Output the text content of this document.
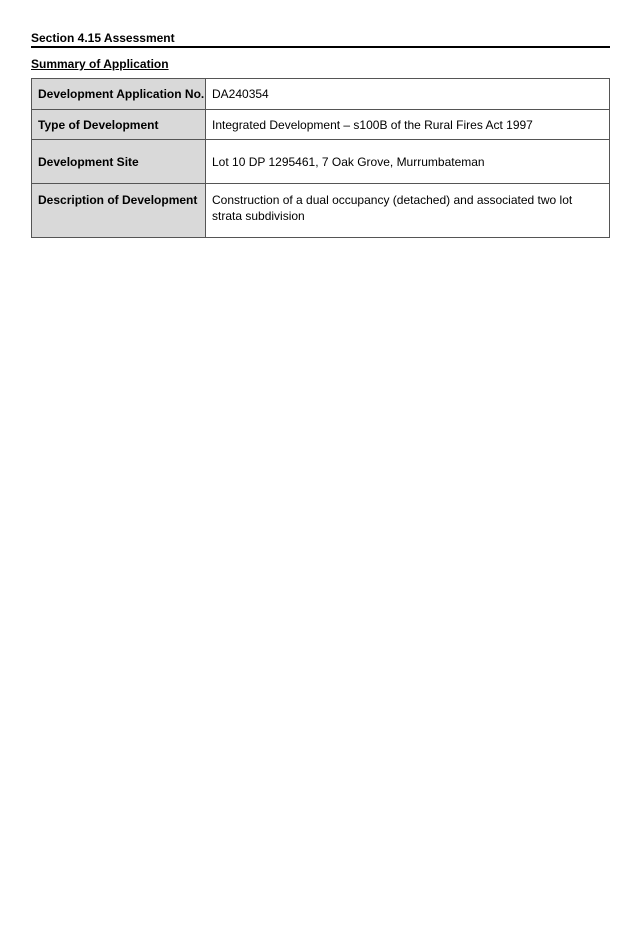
Section 4.15 Assessment
Summary of Application
Development Application No.	DA240354
Type of Development	Integrated Development – s100B of the Rural Fires Act 1997
Development Site	Lot 10 DP 1295461, 7 Oak Grove, Murrumbateman
Description of Development	Construction of a dual occupancy (detached) and associated two lot strata subdivision
